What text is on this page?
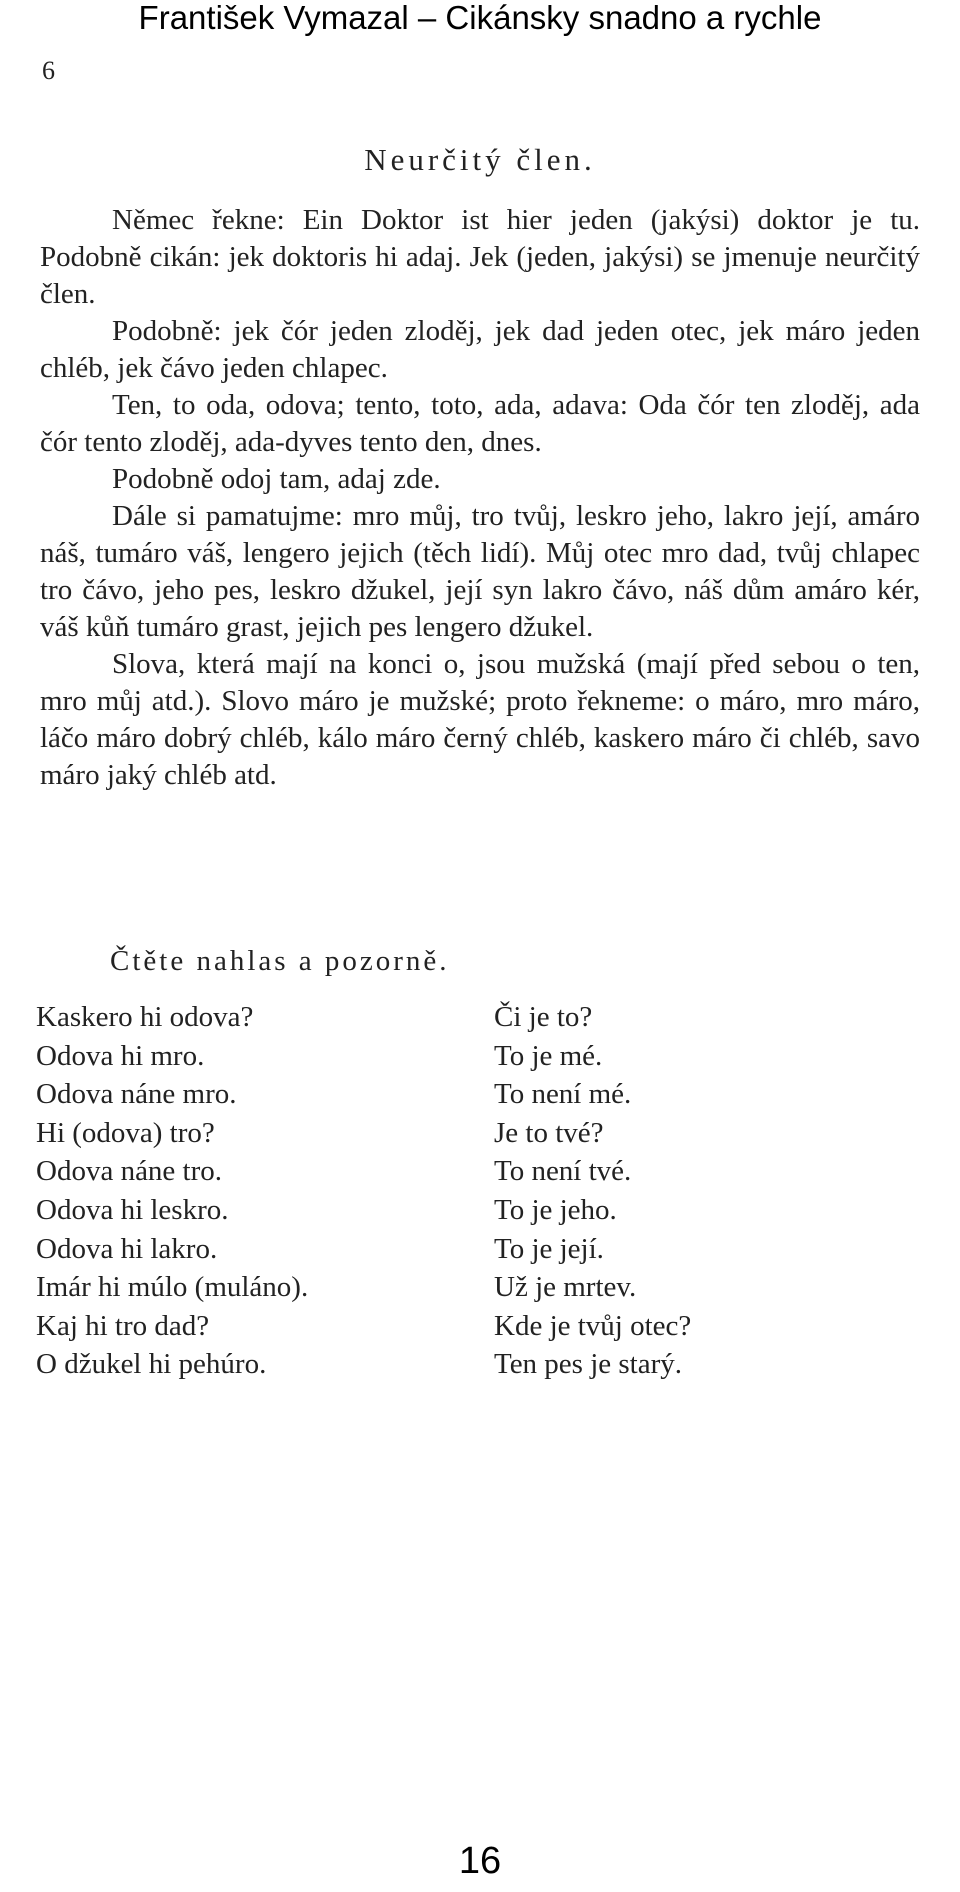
František Vymazal – Cikánsky snadno a rychle
6
Neurčitý člen.

Němec řekne: Ein Doktor ist hier jeden (jakýsi) doktor je tu. Podobně cikán: jek doktoris hi adaj. Jek (jeden, jakýsi) se jmenuje neurčitý člen.

Podobně: jek čór jeden zloděj, jek dad jeden otec, jek máro jeden chléb, jek čávo jeden chlapec.

Ten, to oda, odova; tento, toto, ada, adava: Oda čór ten zloděj, ada čór tento zloděj, ada-dyves tento den, dnes.

Podobně odoj tam, adaj zde.

Dále si pamatujme: mro můj, tro tvůj, leskro jeho, lakro její, amáro náš, tumáro váš, lengero jejich (těch lidí). Můj otec mro dad, tvůj chlapec tro čávo, jeho pes, leskro džukel, její syn lakro čávo, náš dům amáro kér, váš kůň tumáro grast, jejich pes lengero džukel.

Slova, která mají na konci o, jsou mužská (mají před sebou o ten, mro můj atd.). Slovo máro je mužské; proto řekneme: o máro, mro máro, láčo máro dobrý chléb, kálo máro černý chléb, kaskero máro či chléb, savo máro jaký chléb atd.

Čtěte nahlas a pozorně.
Kaskero hi odova?
Odova hi mro.
Odova náne mro.
Hi (odova) tro?
Odova náne tro.
Odova hi leskro.
Odova hi lakro.
Imár hi múlo (muláno).
Kaj hi tro dad?
O džukel hi pehúro.
Či je to?
To je mé.
To není mé.
Je to tvé?
To není tvé.
To je jeho.
To je její.
Už je mrtev.
Kde je tvůj otec?
Ten pes je starý.
16
